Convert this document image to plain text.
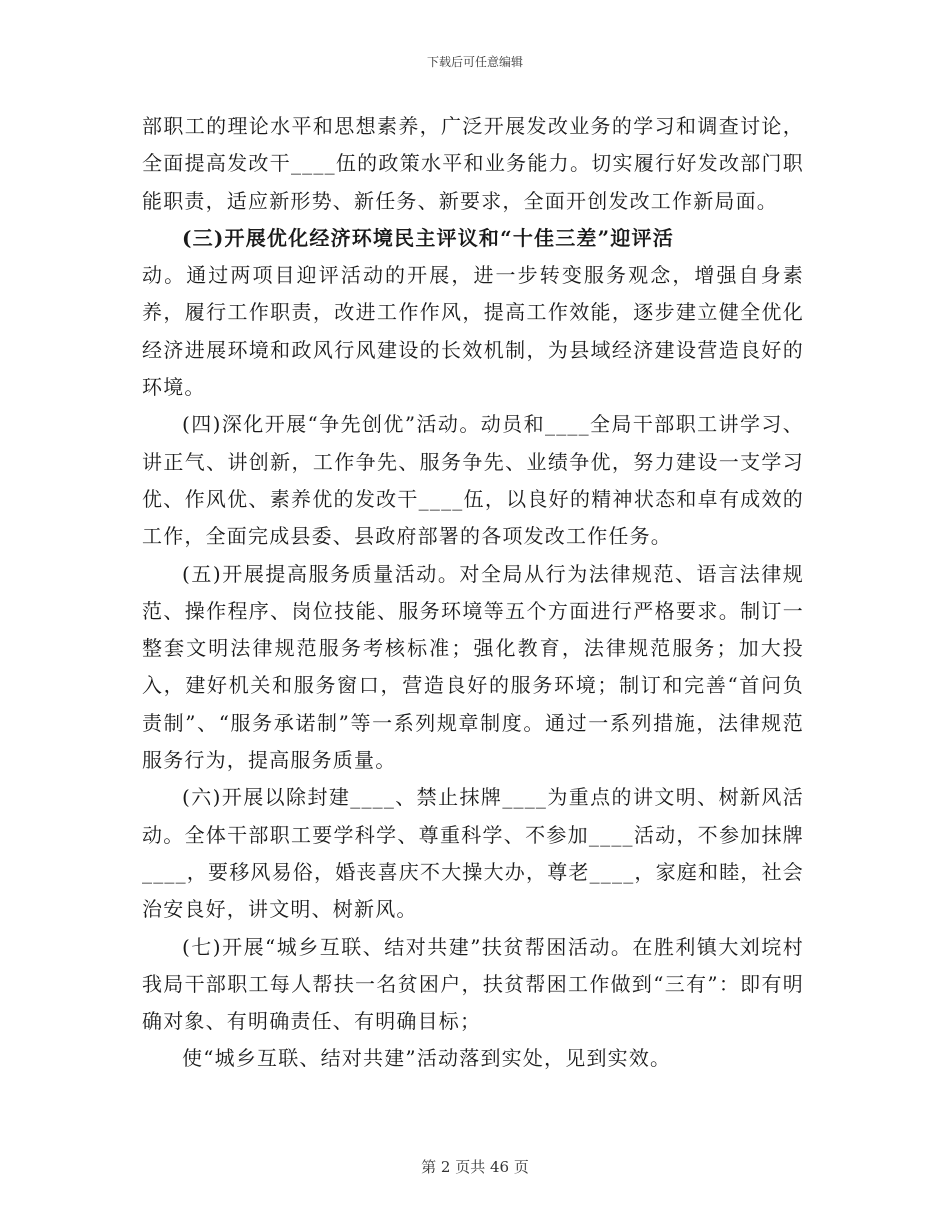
下载后可任意编辑

部职工的理论水平和思想素养，广泛开展发改业务的学习和调查讨论，全面提高发改干____伍的政策水平和业务能力。切实履行好发改部门职能职责，适应新形势、新任务、新要求，全面开创发改工作新局面。

(三)开展优化经济环境民主评议和“十佳三差”迎评活

动。通过两项目迎评活动的开展，进一步转变服务观念，增强自身素养，履行工作职责，改进工作作风，提高工作效能，逐步建立健全优化经济进展环境和政风行风建设的长效机制，为县域经济建设营造良好的环境。

(四)深化开展“争先创优”活动。动员和____全局干部职工讲学习、讲正气、讲创新，工作争先、服务争先、业绩争优，努力建设一支学习优、作风优、素养优的发改干____伍，以良好的精神状态和卓有成效的工作，全面完成县委、县政府部署的各项发改工作任务。

(五)开展提高服务质量活动。对全局从行为法律规范、语言法律规范、操作程序、岗位技能、服务环境等五个方面进行严格要求。制订一整套文明法律规范服务考核标准；强化教育，法律规范服务；加大投入，建好机关和服务窗口，营造良好的服务环境；制订和完善“首问负责制”、“服务承诺制”等一系列规章制度。通过一系列措施，法律规范服务行为，提高服务质量。

(六)开展以除封建____、禁止抹牌____为重点的讲文明、树新风活动。全体干部职工要学科学、尊重科学、不参加____活动，不参加抹牌____，要移风易俗，婚丧喜庆不大操大办，尊老____，家庭和睦，社会治安良好，讲文明、树新风。

(七)开展“城乡互联、结对共建”扶贫帮困活动。在胜利镇大刘垸村我局干部职工每人帮扶一名贫困户，扶贫帮困工作做到“三有”：即有明确对象、有明确责任、有明确目标；

使“城乡互联、结对共建”活动落到实处，见到实效。

第 2 页共 46 页
